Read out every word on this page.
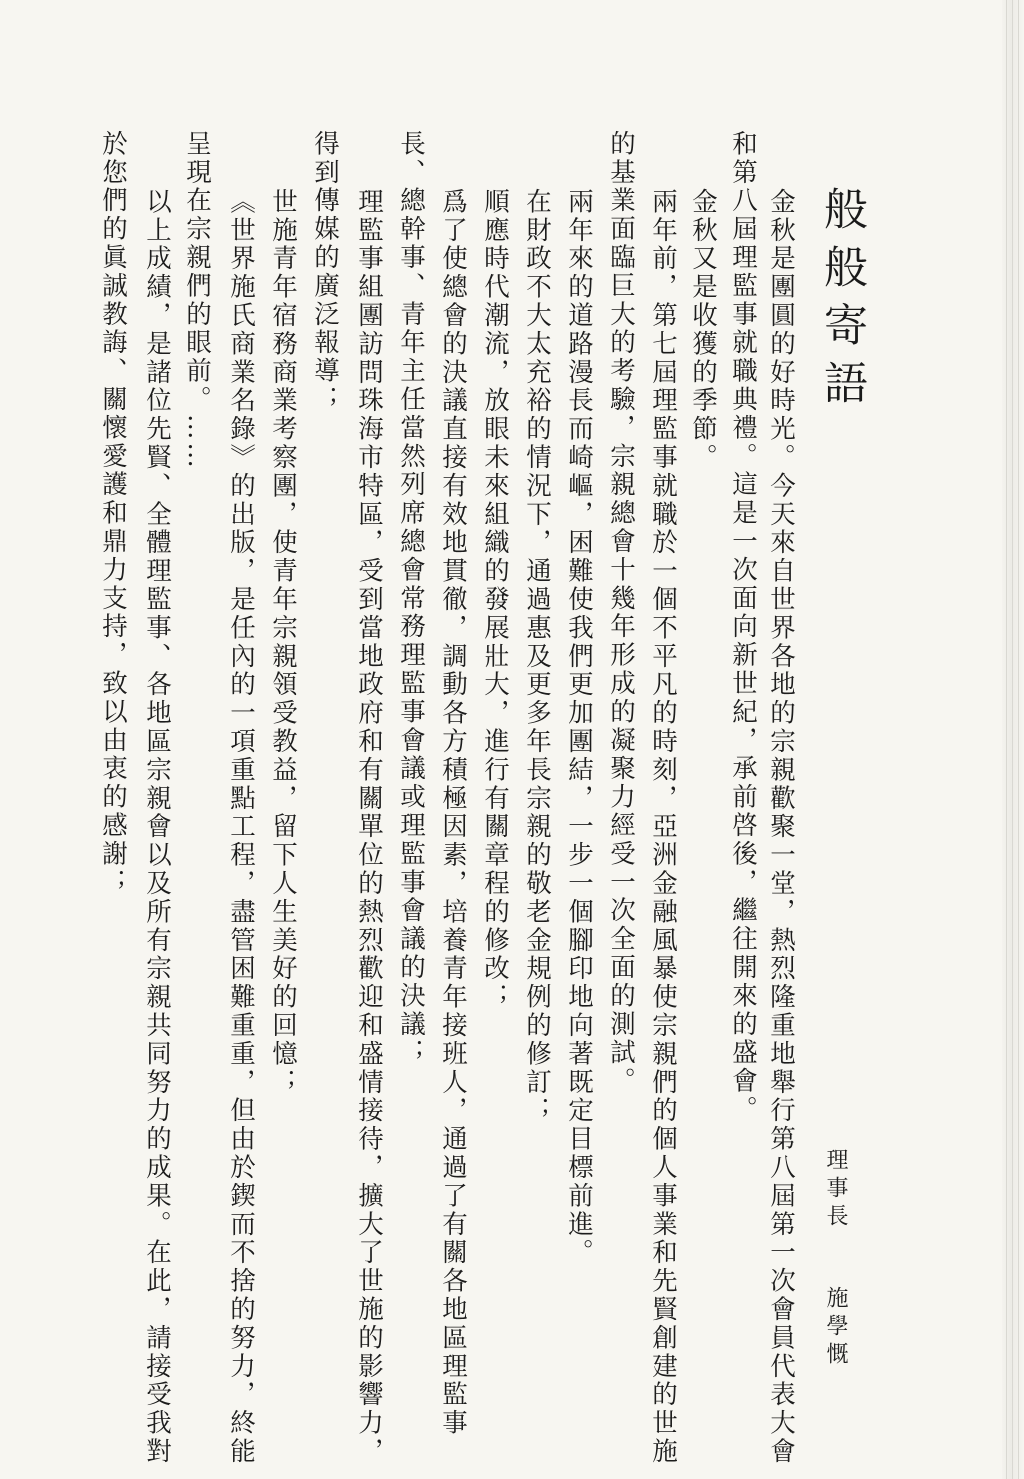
般般寄語
金秋是團圓的好時光。今天來自世界各地的宗親歡聚一堂，熱烈隆重地舉行第八屆第一次會員代表大會
和第八屆理監事就職典禮。這是一次面向新世紀，承前啓後，繼往開來的盛會。
金秋又是收獲的季節。
兩年前，第七屆理監事就職於一個不平凡的時刻，亞洲金融風暴使宗親們的個人事業和先賢創建的世施
的基業面臨巨大的考驗，宗親總會十幾年形成的凝聚力經受一次全面的測試。
兩年來的道路漫長而崎嶇，困難使我們更加團結，一步一個腳印地向著既定目標前進。
在財政不大太充裕的情況下，通過惠及更多年長宗親的敬老金規例的修訂；
順應時代潮流，放眼未來組織的發展壯大，進行有關章程的修改；
爲了使總會的決議直接有效地貫徹，調動各方積極因素，培養青年接班人，通過了有關各地區理監事
長、總幹事、青年主任當然列席總會常務理監事會議或理監事會議的決議；
理監事組團訪問珠海市特區，受到當地政府和有關單位的熱烈歡迎和盛情接待，擴大了世施的影響力，
得到傳媒的廣泛報導；
世施青年宿務商業考察團，使青年宗親領受教益，留下人生美好的回憶；
《世界施氏商業名錄》的出版，是任內的一項重點工程，盡管困難重重，但由於鍥而不捨的努力，終能
呈現在宗親們的眼前。……
以上成績，是諸位先賢、全體理監事、各地區宗親會以及所有宗親共同努力的成果。在此，請接受我對
於您們的眞誠教誨、關懷愛護和鼎力支持，致以由衷的感謝；
理事長
施學慨
